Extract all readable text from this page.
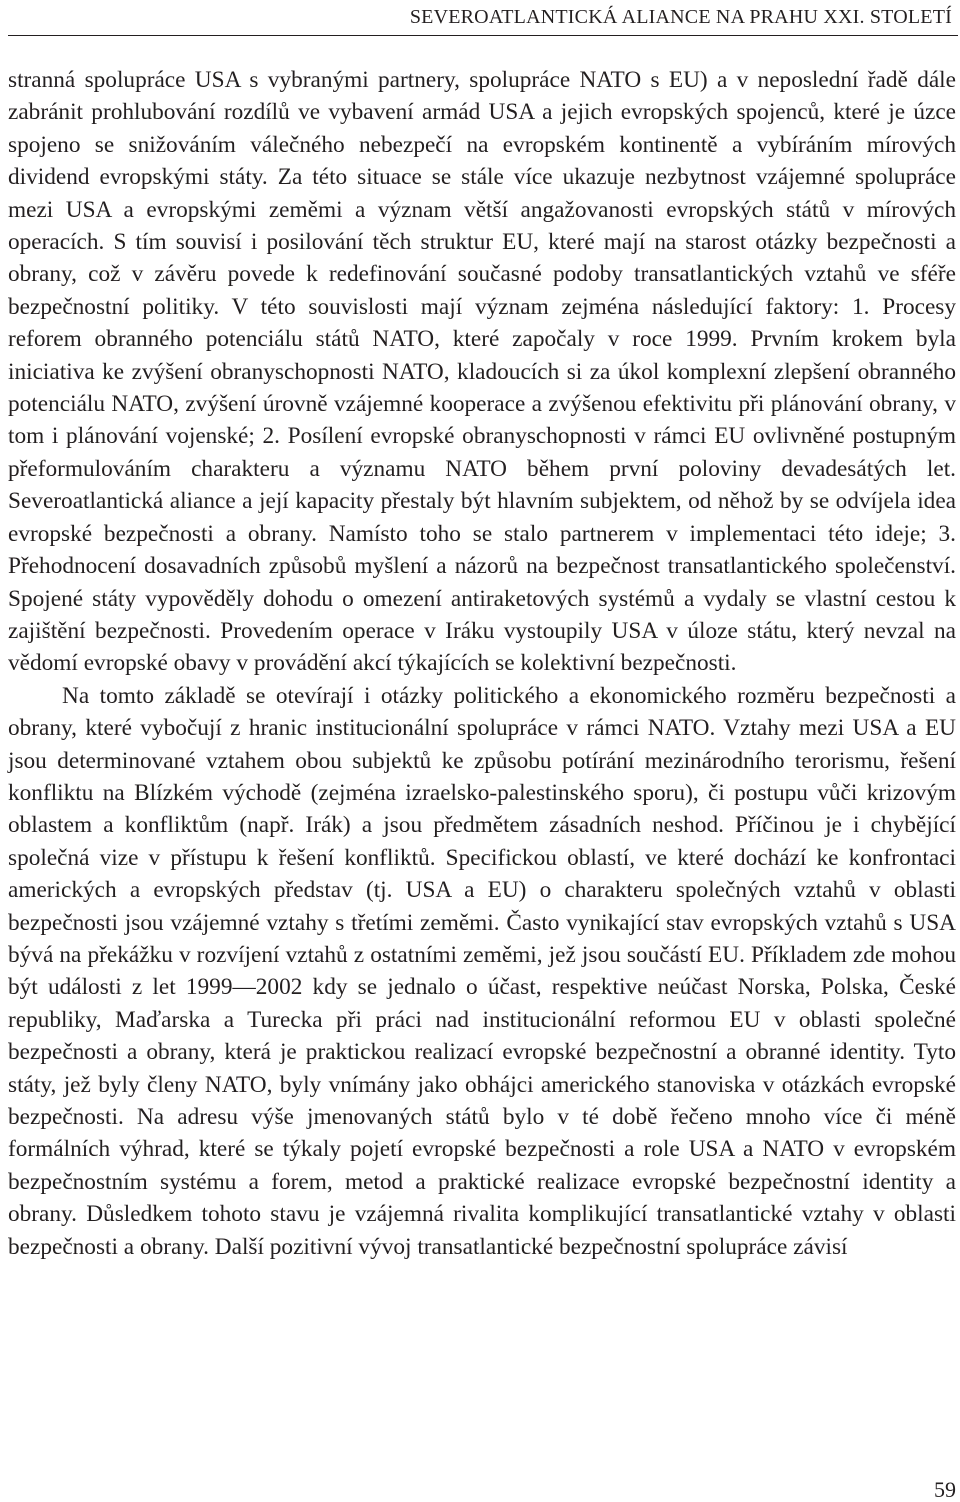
SEVEROATLANTICKÁ ALIANCE NA PRAHU XXI. STOLETÍ

stranná spolupráce USA s vybranými partnery, spolupráce NATO s EU) a v neposlední řadě dále zabránit prohlubování rozdílů ve vybavení armád USA a jejich evropských spojenců, které je úzce spojeno se snižováním válečného nebezpečí na evropském kontinentě a vybíráním mírových dividend evropskými státy. Za této situace se stále více ukazuje nezbytnost vzájemné spolupráce mezi USA a evropskými zeměmi a význam větší angažovanosti evropských států v mírových operacích. S tím souvisí i posilování těch struktur EU, které mají na starost otázky bezpečnosti a obrany, což v závěru povede k redefinování současné podoby transatlantických vztahů ve sféře bezpečnostní politiky. V této souvislosti mají význam zejména následující faktory: 1. Procesy reforem obranného potenciálu států NATO, které započaly v roce 1999. Prvním krokem byla iniciativa ke zvýšení obranyschopnosti NATO, kladoucích si za úkol komplexní zlepšení obranného potenciálu NATO, zvýšení úrovně vzájemné kooperace a zvýšenou efektivitu při plánování obrany, v tom i plánování vojenské; 2. Posílení evropské obranyschopnosti v rámci EU ovlivněné postupným přeformulováním charakteru a významu NATO během první poloviny devadesátých let. Severoatlantická aliance a její kapacity přestaly být hlavním subjektem, od něhož by se odvíjela idea evropské bezpečnosti a obrany. Namísto toho se stalo partnerem v implementaci této ideje; 3. Přehodnocení dosavadních způsobů myšlení a názorů na bezpečnost transatlantického společenství. Spojené státy vypověděly dohodu o omezení antiraketových systémů a vydaly se vlastní cestou k zajištění bezpečnosti. Provedením operace v Iráku vystoupily USA v úloze státu, který nevzal na vědomí evropské obavy v provádění akcí týkajících se kolektivní bezpečnosti.

Na tomto základě se otevírají i otázky politického a ekonomického rozměru bezpečnosti a obrany, které vybočují z hranic institucionální spolupráce v rámci NATO. Vztahy mezi USA a EU jsou determinované vztahem obou subjektů ke způsobu potírání mezinárodního terorismu, řešení konfliktu na Blízkém východě (zejména izraelsko-palestinského sporu), či postupu vůči krizovým oblastem a konfliktům (např. Irák) a jsou předmětem zásadních neshod. Příčinou je i chybějící společná vize v přístupu k řešení konfliktů. Specifickou oblastí, ve které dochází ke konfrontaci amerických a evropských představ (tj. USA a EU) o charakteru společných vztahů v oblasti bezpečnosti jsou vzájemné vztahy s třetími zeměmi. Často vynikající stav evropských vztahů s USA bývá na překážku v rozvíjení vztahů z ostatními zeměmi, jež jsou součástí EU. Příkladem zde mohou být události z let 1999—2002 kdy se jednalo o účast, respektive neúčast Norska, Polska, České republiky, Maďarska a Turecka při práci nad institucionální reformou EU v oblasti společné bezpečnosti a obrany, která je praktickou realizací evropské bezpečnostní a obranné identity. Tyto státy, jež byly členy NATO, byly vnímány jako obhájci amerického stanoviska v otázkách evropské bezpečnosti. Na adresu výše jmenovaných států bylo v té době řečeno mnoho více či méně formálních výhrad, které se týkaly pojetí evropské bezpečnosti a role USA a NATO v evropském bezpečnostním systému a forem, metod a praktické realizace evropské bezpečnostní identity a obrany. Důsledkem tohoto stavu je vzájemná rivalita komplikující transatlantické vztahy v oblasti bezpečnosti a obrany. Další pozitivní vývoj transatlantické bezpečnostní spolupráce závisí

59
